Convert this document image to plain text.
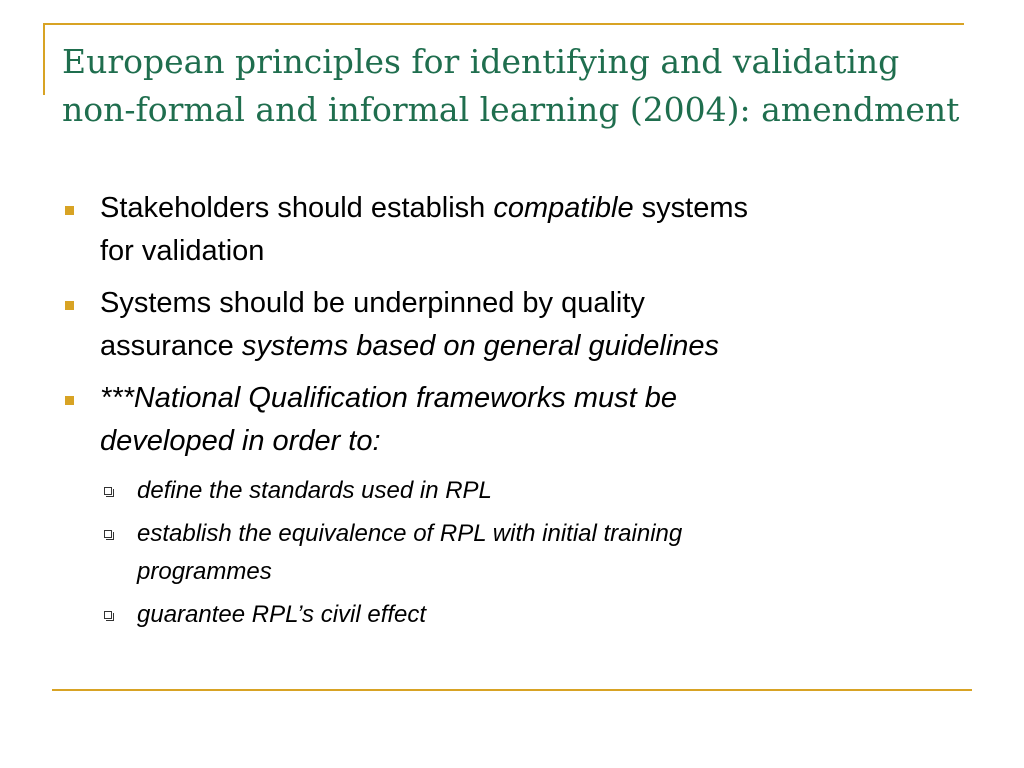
European principles for identifying and validating
non-formal and informal learning (2004): amendment
Stakeholders should establish compatible systems
for validation
Systems should be underpinned by quality
assurance systems based on general guidelines
***National Qualification frameworks must be
developed in order to:
define the standards used in RPL
establish the equivalence of RPL with initial training
programmes
guarantee RPL’s civil effect
